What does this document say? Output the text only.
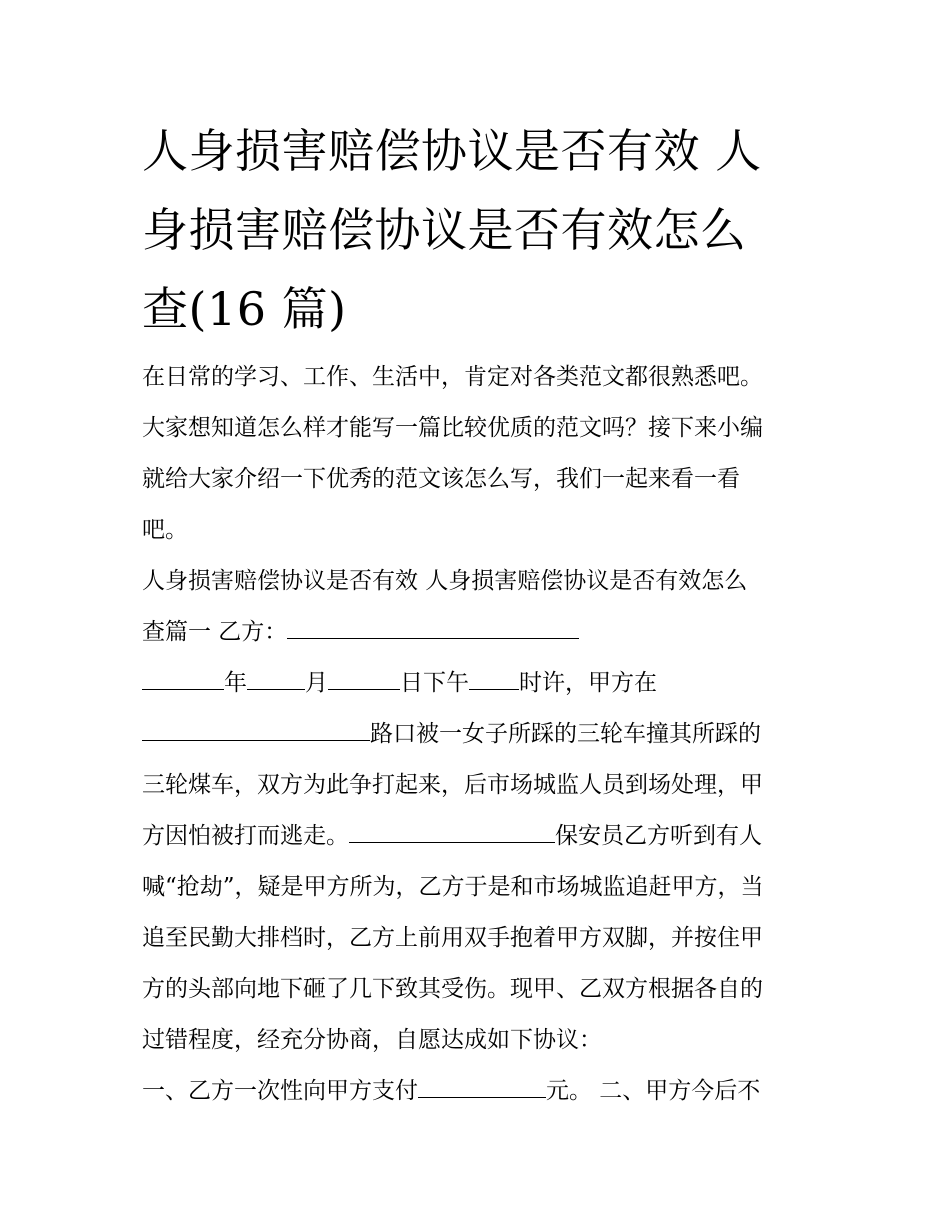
人身损害赔偿协议是否有效 人
身损害赔偿协议是否有效怎么
查(16 篇)
在日常的学习、工作、生活中，肯定对各类范文都很熟悉吧。
大家想知道怎么样才能写一篇比较优质的范文吗？接下来小编
就给大家介绍一下优秀的范文该怎么写，我们一起来看一看
吧。
人身损害赔偿协议是否有效 人身损害赔偿协议是否有效怎么
查篇一 乙方：
年	月	日下午 时许，甲方在
路口被一女子所踩的三轮车撞其所踩的
三轮煤车，双方为此争打起来，后市场城监人员到场处理，甲
方因怕被打而逃走。	保安员乙方听到有人
喊“抢劫”，疑是甲方所为，乙方于是和市场城监追赶甲方，当
追至民勤大排档时，乙方上前用双手抱着甲方双脚，并按住甲
方的头部向地下砸了几下致其受伤。现甲、乙双方根据各自的
过错程度，经充分协商，自愿达成如下协议：
一、乙方一次性向甲方支付	元。 二、甲方今后不
